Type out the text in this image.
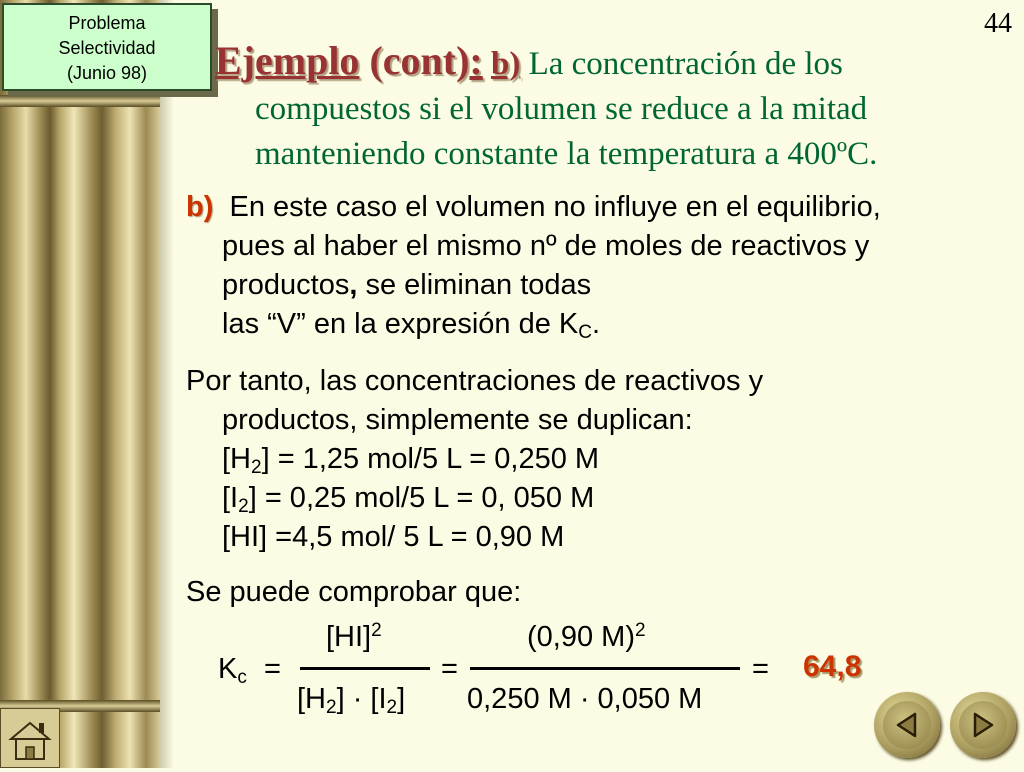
Problema
Selectividad
(Junio 98)
44
Ejemplo (cont): b) La concentración de los
compuestos si el volumen se reduce a la mitad
manteniendo constante la temperatura a 400ºC.
b) En este caso el volumen no influye en el equilibrio,
pues al haber el mismo nº de moles de reactivos y
productos, se eliminan todas
las “V” en la expresión de $K_C$.
Por tanto, las concentraciones de reactivos y
productos, simplemente se duplican:
$[H_2] = 1,25$ mol/5 L = 0,250 M
$[I_2] = 0,25$ mol/5 L = 0, 050 M
[HI] =4,5 mol/ 5 L = 0,90 M
Se puede comprobar que:
$K_c$ =
[HI]$^2$
$[H_2] \cdot [I_2]$
=
(0,90 M)$^2$
0,250 M · 0,050 M
= 64,8
